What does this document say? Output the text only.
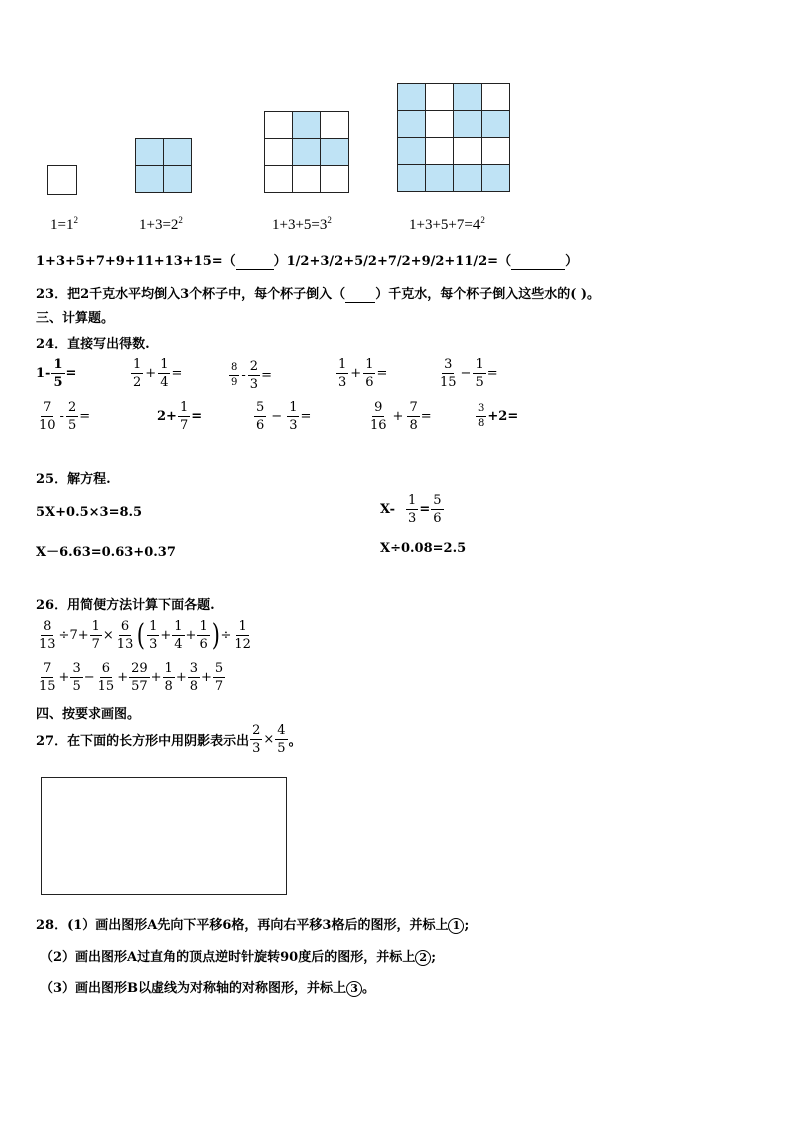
$1=1^2$	$1+3=2^2$	$1+3+5=3^2$	$1+3+5+7=4^2$
1+3+5+7+9+11+13+15=（	）1/2+3/2+5/2+7/2+9/2+11/2=（	）
23．把2千克水平均倒入3个杯子中，每个杯子倒入（ ）千克水，每个杯子倒入这些水的( )。
三、计算题。
24．直接写出得数.
$1- \frac{1}{5}$ =	$\frac{1}{2} + \frac{1}{4}$ =	$\frac{8}{9} - \frac{2}{3}$ =	$\frac{1}{3} + \frac{1}{6}$ =	$\frac{3}{15} - \frac{1}{5}$ =
$\frac{7}{10} - \frac{2}{5}$ =	$2+ \frac{1}{7}$ =	$\frac{5}{6} - \frac{1}{3}$ =	$\frac{9}{16} + \frac{7}{8}$ =	$\frac{3}{8} +2=$
25．解方程.
5X+0.5×3=8.5	$X- \frac{1}{3} = \frac{5}{6}$
X－6.63=0.63+0.37	X÷0.08=2.5
26．用简便方法计算下面各题.
$\frac{8}{13} \div 7+ \frac{1}{7} \times \frac{6}{13}$ ( $\frac{1}{3} + \frac{1}{4} + \frac{1}{6}$ ) ÷ $\frac{1}{12}$
$\frac{7}{15} + \frac{3}{5} - \frac{6}{15} + \frac{29}{57} + \frac{1}{8} + \frac{3}{8} + \frac{5}{7}$
四、按要求画图。
27．在下面的长方形中用阴影表示出 $\frac{2}{3} \times \frac{4}{5}$ 。
28．(1）画出图形A先向下平移6格，再向右平移3格后的图形，并标上 1 ;
（2）画出图形A过直角的顶点逆时针旋转90度后的图形，并标上 2 ;
（3）画出图形B以虚线为对称轴的对称图形，并标上 3 。
